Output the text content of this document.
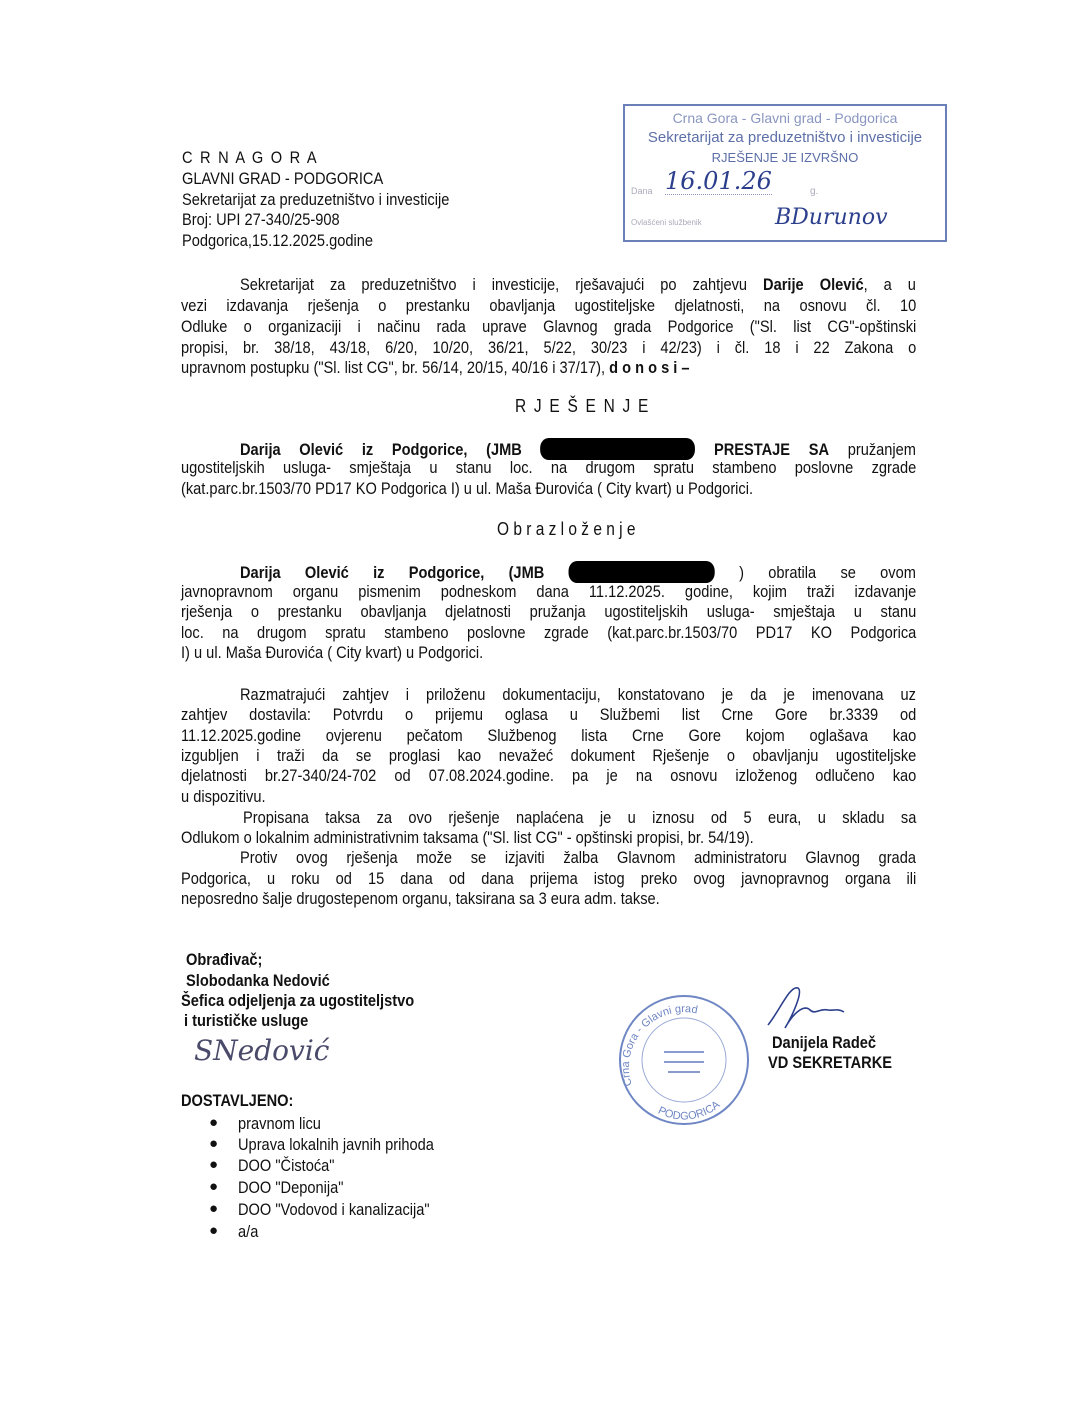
C R N A G O R A
GLAVNI GRAD - PODGORICA
Sekretarijat za preduzetništvo i investicije
Broj: UPI 27-340/25-908
Podgorica,15.12.2025.godine
Crna Gora - Glavni grad - Podgorica
Sekretarijat za preduzetništvo i investicije
RJEŠENJE JE IZVRŠNO
Dana 16.01.26	g.
Ovlašćeni službenik	BDurunov
Sekretarijat za preduzetništvo i investicije, rješavajući po zahtjevu Darije Olević, a u
vezi izdavanja rješenja o prestanku obavljanja ugostiteljske djelatnosti, na osnovu čl. 10
Odluke o organizaciji i načinu rada uprave Glavnog grada Podgorice ("Sl. list CG"-opštinski
propisi, br. 38/18, 43/18, 6/20, 10/20, 36/21, 5/22, 30/23 i 42/23) i čl. 18 i 22 Zakona o
upravnom postupku ("Sl. list CG", br. 56/14, 20/15, 40/16 i 37/17), d o n o s i –
R J E Š E N J E
Darija Olević iz Podgorice, (JMB	PRESTAJE SA pružanjem
ugostiteljskih usluga- smještaja u stanu loc. na drugom spratu stambeno poslovne zgrade
(kat.parc.br.1503/70 PD17 KO Podgorica I) u ul. Maša Đurovića ( City kvart) u Podgorici.
O b r a z l o ž e n j e
Darija Olević iz Podgorice, (JMB	) obratila se ovom
javnopravnom organu pismenim podneskom dana 11.12.2025. godine, kojim traži izdavanje
rješenja o prestanku obavljanja djelatnosti pružanja ugostiteljskih usluga- smještaja u stanu
loc. na drugom spratu stambeno poslovne zgrade (kat.parc.br.1503/70 PD17 KO Podgorica
I) u ul. Maša Đurovića ( City kvart) u Podgorici.
Razmatrajući zahtjev i priloženu dokumentaciju, konstatovano je da je imenovana uz
zahtjev dostavila: Potvrdu o prijemu oglasa u Službemi list Crne Gore br.3339 od
11.12.2025.godine ovjerenu pečatom Službenog lista Crne Gore kojom oglašava kao
izgubljen i traži da se proglasi kao nevažeć dokument Rješenje o obavljanju ugostiteljske
djelatnosti br.27-340/24-702 od 07.08.2024.godine. pa je na osnovu izloženog odlučeno kao
u dispozitivu.
Propisana taksa za ovo rješenje naplaćena je u iznosu od 5 eura, u skladu sa
Odlukom o lokalnim administrativnim taksama ("Sl. list CG" - opštinski propisi, br. 54/19).
Protiv ovog rješenja može se izjaviti žalba Glavnom administratoru Glavnog grada
Podgorica, u roku od 15 dana od dana prijema istog preko ovog javnopravnog organa ili
neposredno šalje drugostepenom organu, taksirana sa 3 eura adm. takse.
Obrađivač;
Slobodanka Nedović
Šefica odjeljenja za ugostiteljstvo
i turističke usluge
SNedović
Crna Gora - Glavni grad
PODGORICA
Danijela Radeč
VD SEKRETARKE
DOSTAVLJENO:
● pravnom licu
● Uprava lokalnih javnih prihoda
● DOO "Čistoća"
● DOO "Deponija"
● DOO "Vodovod i kanalizacija"
● a/a
